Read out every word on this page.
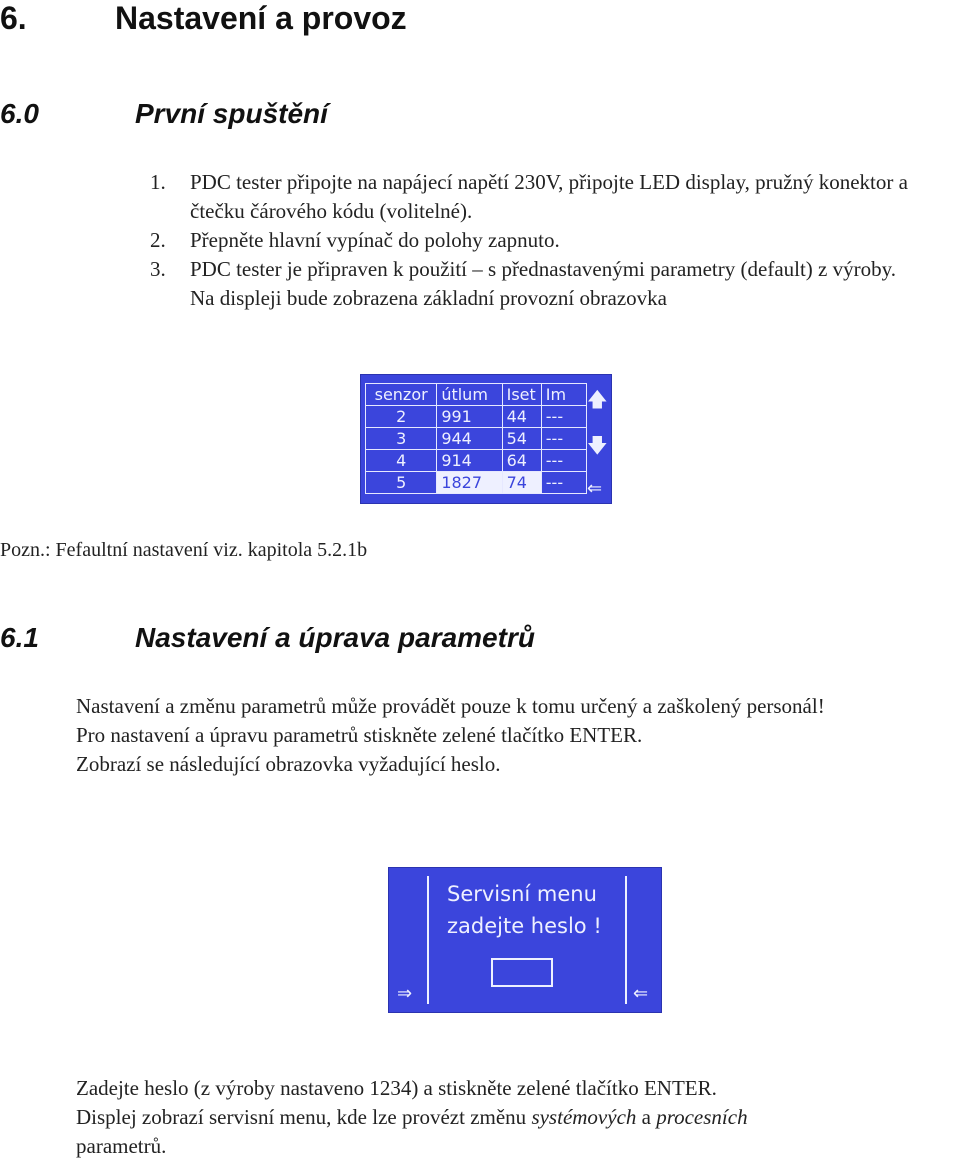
6.	Nastavení a provoz
6.0	První spuštění
1.	PDC tester připojte na napájecí napětí 230V, připojte LED display, pružný konektor a čtečku čárového kódu (volitelné).
2.	Přepněte hlavní vypínač do polohy zapnuto.
3.	PDC tester je připraven k použití – s přednastavenými parametry (default) z výroby. Na displeji bude zobrazena základní provozní obrazovka
senzor	útlum	Iset	Im
2	991	44	---
3	944	54	---
4	914	64	---
5	1827	74	---
🡅
🡇
⇐
Pozn.: Fefaultní nastavení viz. kapitola 5.2.1b
6.1	Nastavení a úprava parametrů
Nastavení a změnu parametrů může provádět pouze k tomu určený a zaškolený personál!
Pro nastavení a úpravu parametrů stiskněte zelené tlačítko ENTER.
Zobrazí se následující obrazovka vyžadující heslo.
Servisní menu
zadejte heslo !
⇒	⇐
Zadejte heslo (z výroby nastaveno 1234) a stiskněte zelené tlačítko ENTER.
Displej zobrazí servisní menu, kde lze provézt změnu systémových a procesních
parametrů.
